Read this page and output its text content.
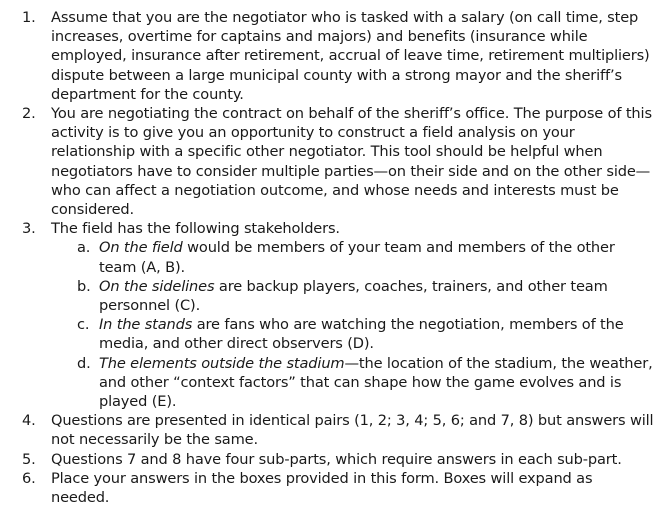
1. Assume that you are the negotiator who is tasked with a salary (on call time, step increases, overtime for captains and majors) and benefits (insurance while employed, insurance after retirement, accrual of leave time, retirement multipliers) dispute between a large municipal county with a strong mayor and the sheriff’s department for the county.
2. You are negotiating the contract on behalf of the sheriff’s office. The purpose of this activity is to give you an opportunity to construct a field analysis on your relationship with a specific other negotiator. This tool should be helpful when negotiators have to consider multiple parties—on their side and on the other side—who can affect a negotiation outcome, and whose needs and interests must be considered.
3. The field has the following stakeholders.
a. On the field would be members of your team and members of the other team (A, B).
b. On the sidelines are backup players, coaches, trainers, and other team personnel (C).
c. In the stands are fans who are watching the negotiation, members of the media, and other direct observers (D).
d. The elements outside the stadium—the location of the stadium, the weather, and other “context factors” that can shape how the game evolves and is played (E).
4. Questions are presented in identical pairs (1, 2; 3, 4; 5, 6; and 7, 8) but answers will not necessarily be the same.
5. Questions 7 and 8 have four sub-parts, which require answers in each sub-part.
6. Place your answers in the boxes provided in this form. Boxes will expand as needed.
